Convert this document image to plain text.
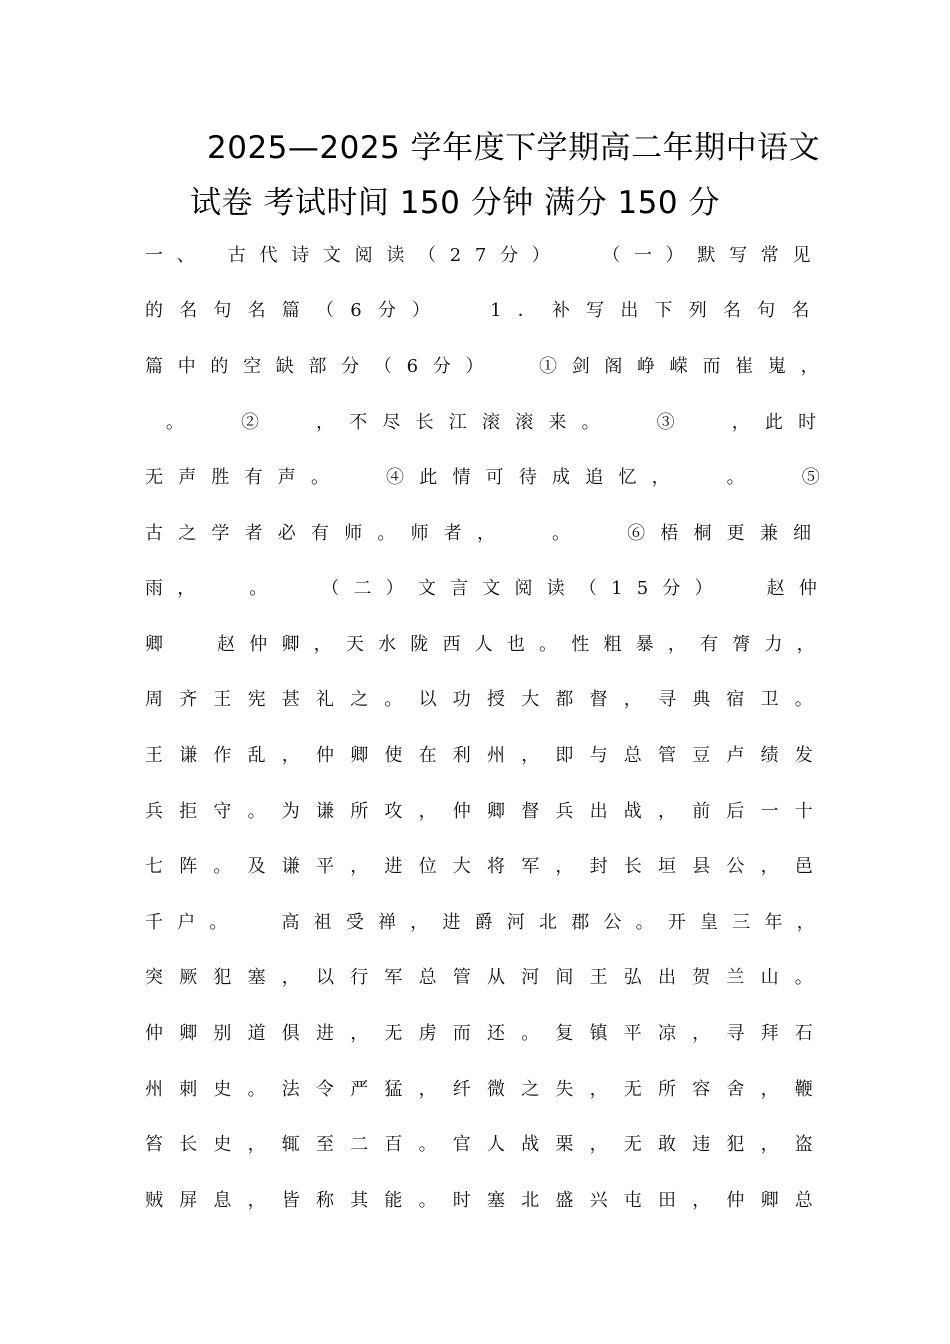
2025—2025 学年度下学期高二年期中语文
试卷 考试时间 150 分钟 满分 150 分
一、 古代诗文阅读（27分）  （一）默写常见
的名句名篇（6分）  1．补写出下列名句名
篇中的空缺部分（6分）  ①剑阁峥嵘而崔嵬，
。  ②  ，不尽长江滚滚来。  ③  ，此时
无声胜有声。  ④此情可待成追忆，  。  ⑤
古之学者必有师。师者，  。  ⑥梧桐更兼细
雨，  。  （二）文言文阅读（15分）  赵仲
卿  赵仲卿，天水陇西人也。性粗暴，有膂力，
周齐王宪甚礼之。以功授大都督，寻典宿卫。
王谦作乱，仲卿使在利州，即与总管豆卢绩发
兵拒守。为谦所攻，仲卿督兵出战，前后一十
七阵。及谦平，进位大将军，封长垣县公，邑
千户。  高祖受禅，进爵河北郡公。开皇三年，
突厥犯塞，以行军总管从河间王弘出贺兰山。
仲卿别道俱进，无虏而还。复镇平凉，寻拜石
州刺史。法令严猛，纤微之失，无所容舍，鞭
笞长史，辄至二百。官人战栗，无敢违犯，盗
贼屏息，皆称其能。时塞北盛兴屯田，仲卿总
